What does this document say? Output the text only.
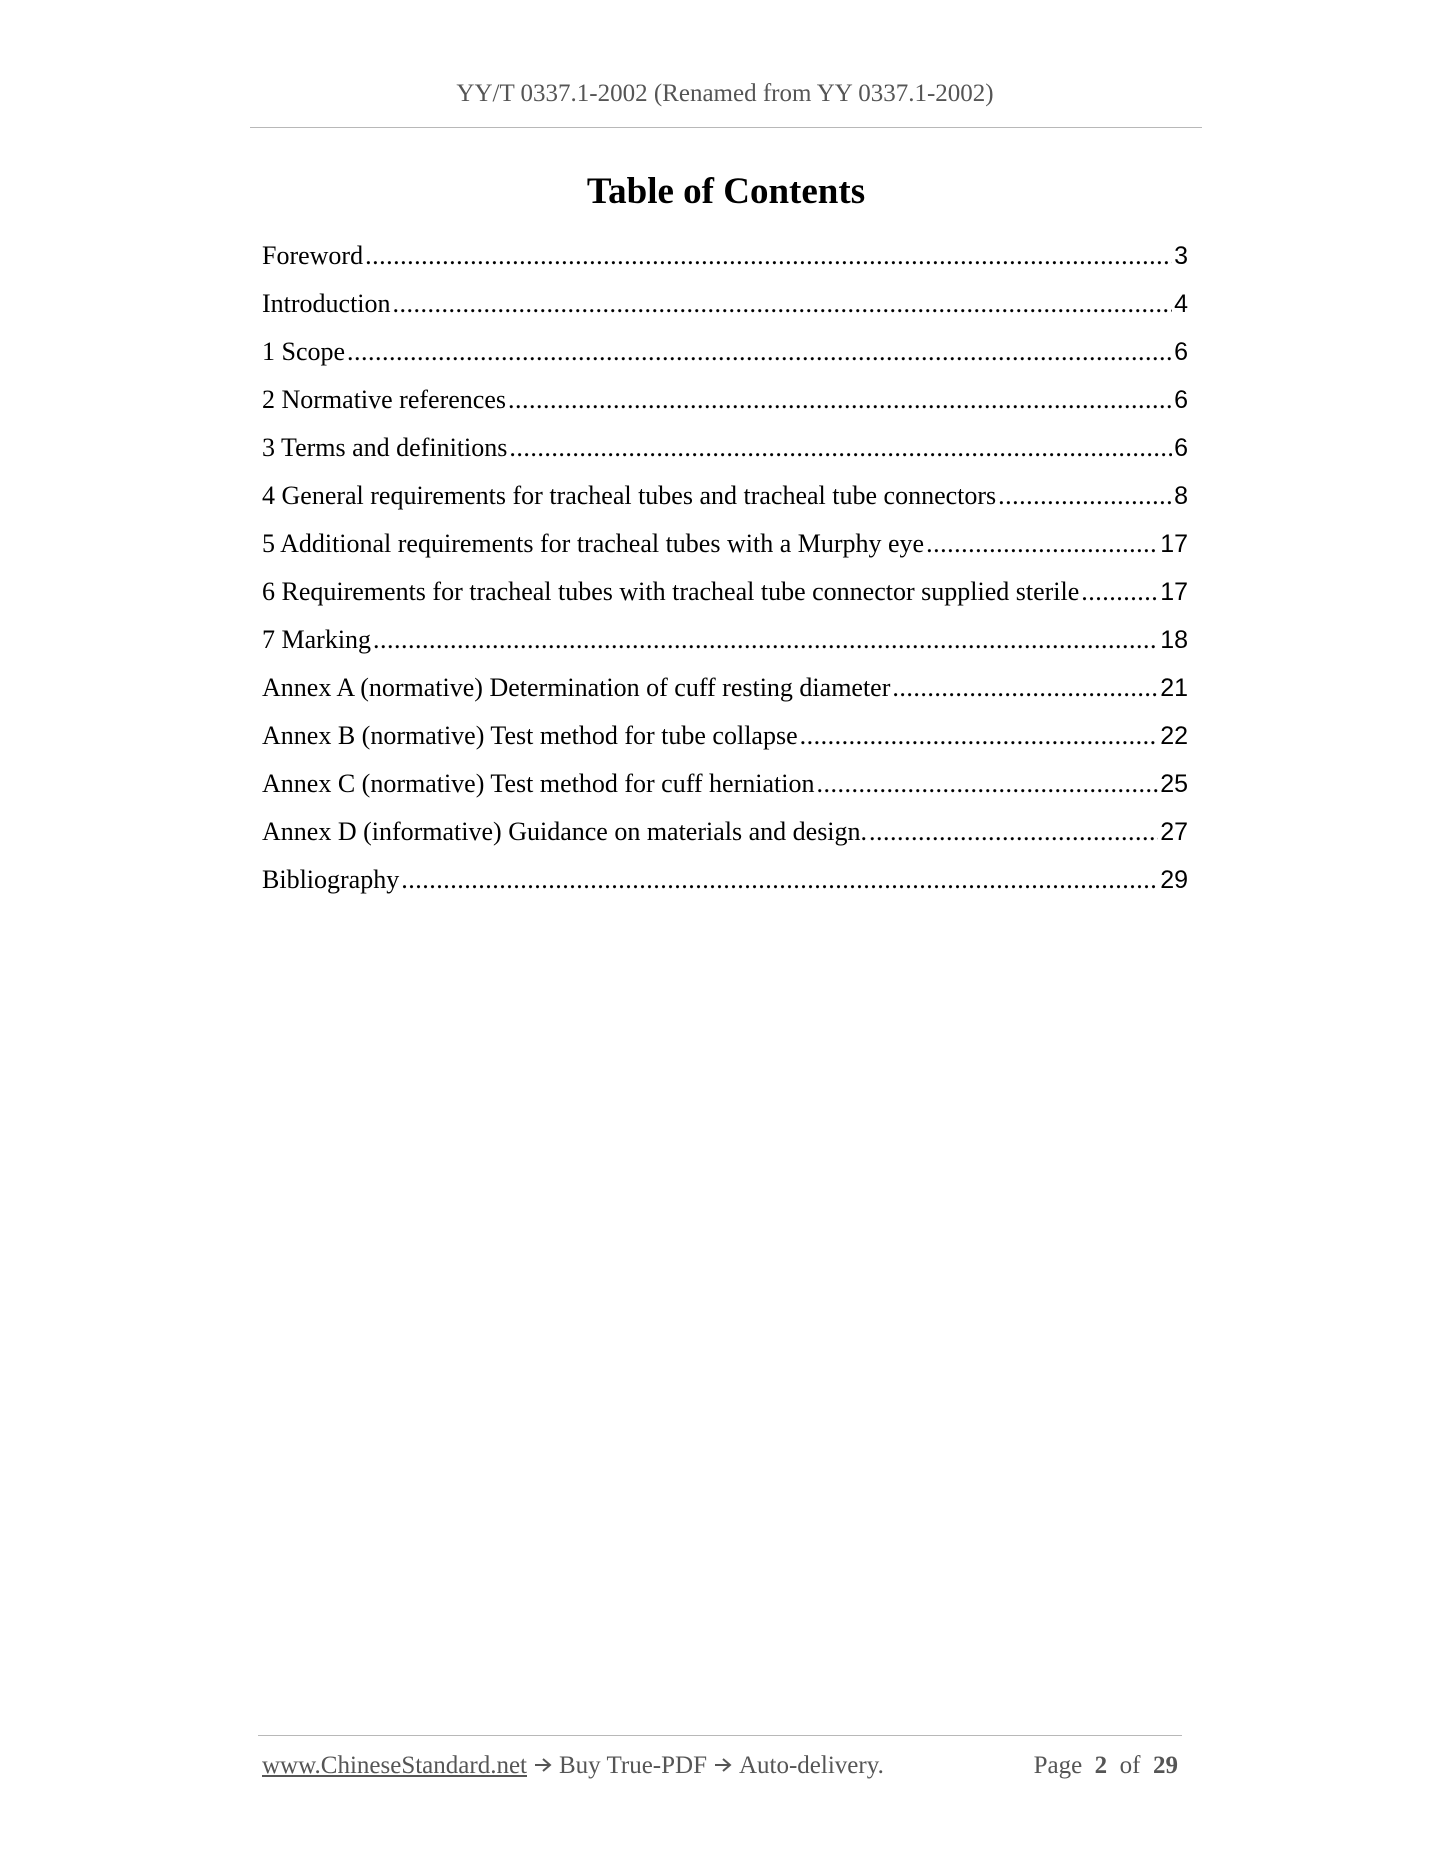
YY/T 0337.1-2002 (Renamed from YY 0337.1-2002)
Table of Contents
Foreword .....	3
Introduction .....	4
1 Scope .....	6
2 Normative references .....	6
3 Terms and definitions .....	6
4 General requirements for tracheal tubes and tracheal tube connectors .....	8
5 Additional requirements for tracheal tubes with a Murphy eye .....	17
6 Requirements for tracheal tubes with tracheal tube connector supplied sterile .....	17
7 Marking .....	18
Annex A (normative) Determination of cuff resting diameter .....	21
Annex B (normative) Test method for tube collapse .....	22
Annex C (normative) Test method for cuff herniation .....	25
Annex D (informative) Guidance on materials and design. .....	27
Bibliography .....	29
www.ChineseStandard.net Buy True-PDF Auto-delivery.	Page 2 of 29
